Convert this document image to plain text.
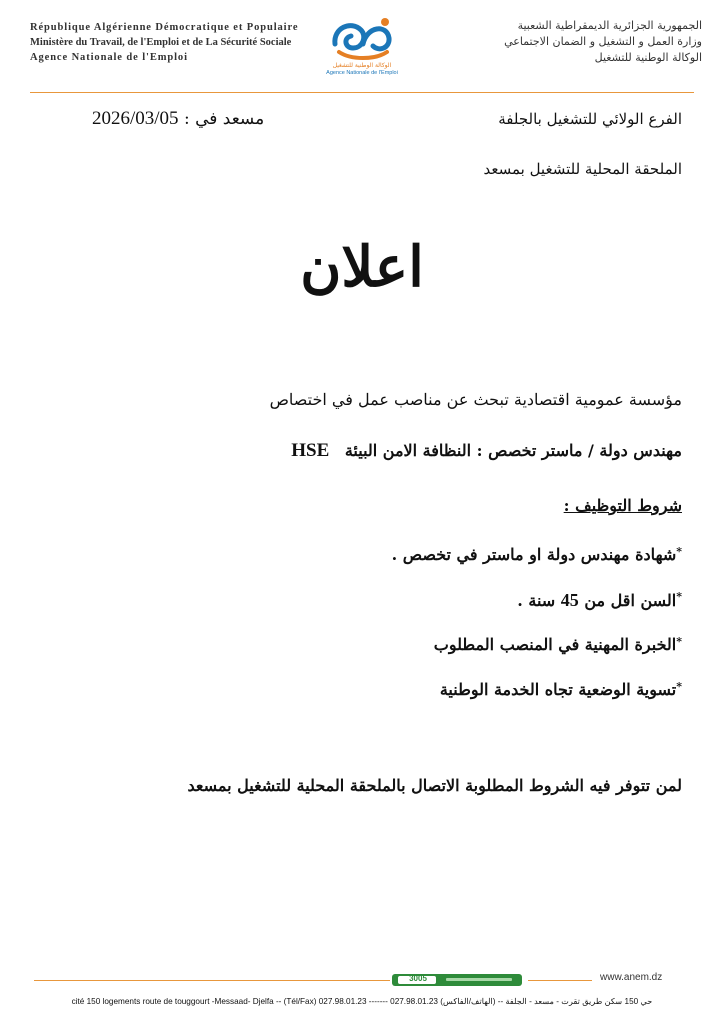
République Algérienne Démocratique et Populaire
Ministère du Travail, de l'Emploi et de La Sécurité Sociale
Agence Nationale de l'Emploi
الوكالة الوطنية للتشغيل
Agence Nationale de l'Emploi
الجمهورية الجزائرية الديمقراطية الشعبية
وزارة العمل و التشغيل و الضمان الاجتماعي
الوكالة الوطنية للتشغيل
مسعد في : 2026/03/05	الفرع الولائي للتشغيل بالجلفة
الملحقة المحلية للتشغيل بمسعد
اعلان
مؤسسة عمومية اقتصادية تبحث عن مناصب عمل في اختصاص
مهندس دولة / ماستر تخصص : النظافة الامن البيئة HSE
شروط التوظيف :
*شهادة مهندس دولة او ماستر في تخصص .
*السن اقل من 45 سنة .
*الخبرة المهنية في المنصب المطلوب
*تسوية الوضعية تجاه الخدمة الوطنية
لمن تتوفر فيه الشروط المطلوبة الاتصال بالملحقة المحلية للتشغيل بمسعد
3005	www.anem.dz
cité 150 logements route de touggourt -Messaad- Djelfa -- (Tél/Fax) 027.98.01.23 ------- 027.98.01.23 (الهاتف/الفاكس) -- حي 150 سكن طريق تقرت - مسعد - الجلفة
